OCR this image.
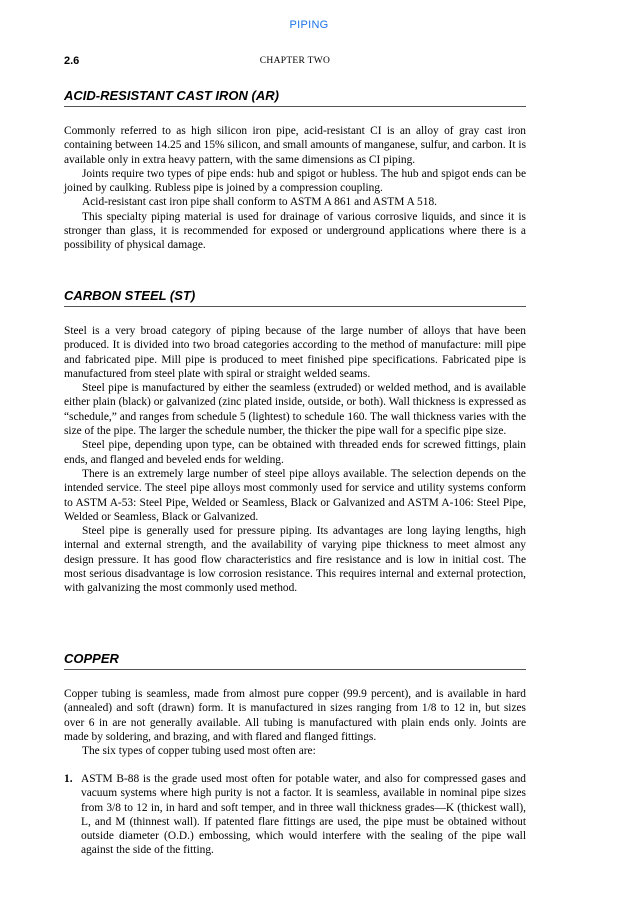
PIPING
2.6	CHAPTER TWO
ACID-RESISTANT CAST IRON (AR)

Commonly referred to as high silicon iron pipe, acid-resistant CI is an alloy of gray cast iron containing between 14.25 and 15% silicon, and small amounts of manganese, sulfur, and carbon. It is available only in extra heavy pattern, with the same dimensions as CI piping.

Joints require two types of pipe ends: hub and spigot or hubless. The hub and spigot ends can be joined by caulking. Rubless pipe is joined by a compression coupling.

Acid-resistant cast iron pipe shall conform to ASTM A 861 and ASTM A 518.

This specialty piping material is used for drainage of various corrosive liquids, and since it is stronger than glass, it is recommended for exposed or underground applications where there is a possibility of physical damage.

CARBON STEEL (ST)

Steel is a very broad category of piping because of the large number of alloys that have been produced. It is divided into two broad categories according to the method of manufacture: mill pipe and fabricated pipe. Mill pipe is produced to meet finished pipe specifications. Fabricated pipe is manufactured from steel plate with spiral or straight welded seams.

Steel pipe is manufactured by either the seamless (extruded) or welded method, and is available either plain (black) or galvanized (zinc plated inside, outside, or both). Wall thickness is expressed as “schedule,” and ranges from schedule 5 (lightest) to schedule 160. The wall thickness varies with the size of the pipe. The larger the schedule number, the thicker the pipe wall for a specific pipe size.

Steel pipe, depending upon type, can be obtained with threaded ends for screwed fittings, plain ends, and flanged and beveled ends for welding.

There is an extremely large number of steel pipe alloys available. The selection depends on the intended service. The steel pipe alloys most commonly used for service and utility systems conform to ASTM A-53: Steel Pipe, Welded or Seamless, Black or Galvanized and ASTM A-106: Steel Pipe, Welded or Seamless, Black or Galvanized.

Steel pipe is generally used for pressure piping. Its advantages are long laying lengths, high internal and external strength, and the availability of varying pipe thickness to meet almost any design pressure. It has good flow characteristics and fire resistance and is low in initial cost. The most serious disadvantage is low corrosion resistance. This requires internal and external protection, with galvanizing the most commonly used method.

COPPER

Copper tubing is seamless, made from almost pure copper (99.9 percent), and is available in hard (annealed) and soft (drawn) form. It is manufactured in sizes ranging from 1/8 to 12 in, but sizes over 6 in are not generally available. All tubing is manufactured with plain ends only. Joints are made by soldering, and brazing, and with flared and flanged fittings.

The six types of copper tubing used most often are:

1. ASTM B-88 is the grade used most often for potable water, and also for compressed gases and vacuum systems where high purity is not a factor. It is seamless, available in nominal pipe sizes from 3/8 to 12 in, in hard and soft temper, and in three wall thickness grades—K (thickest wall), L, and M (thinnest wall). If patented flare fittings are used, the pipe must be obtained without outside diameter (O.D.) embossing, which would interfere with the sealing of the pipe wall against the side of the fitting.
